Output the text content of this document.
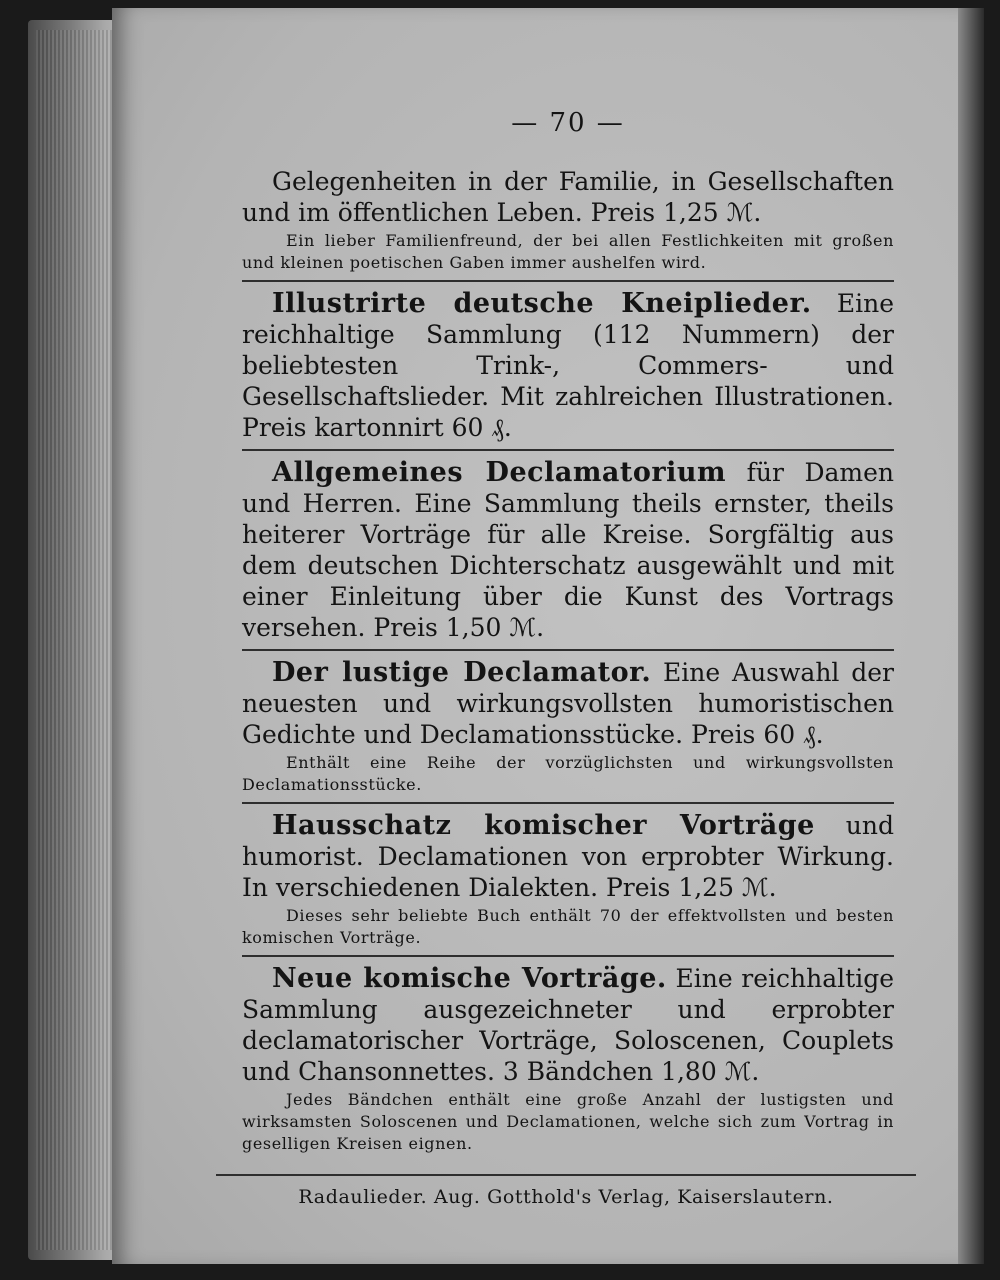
— 70 —
Gelegenheiten in der Familie, in Gesellschaften und im öffentlichen Leben. Preis 1,25 ℳ.
Ein lieber Familienfreund, der bei allen Festlichkeiten mit großen und kleinen poetischen Gaben immer aushelfen wird.
Illustrirte deutsche Kneiplieder. Eine reichhaltige Sammlung (112 Nummern) der beliebtesten Trink-, Commers- und Gesellschaftslieder. Mit zahlreichen Illustrationen. Preis kartonnirt 60 ₰.
Allgemeines Declamatorium für Damen und Herren. Eine Sammlung theils ernster, theils heiterer Vorträge für alle Kreise. Sorgfältig aus dem deutschen Dichterschatz ausgewählt und mit einer Einleitung über die Kunst des Vortrags versehen. Preis 1,50 ℳ.
Der lustige Declamator. Eine Auswahl der neuesten und wirkungsvollsten humoristischen Gedichte und Declamationsstücke. Preis 60 ₰.
Enthält eine Reihe der vorzüglichsten und wirkungsvollsten Declamationsstücke.
Hausschatz komischer Vorträge und humorist. Declamationen von erprobter Wirkung. In verschiedenen Dialekten. Preis 1,25 ℳ.
Dieses sehr beliebte Buch enthält 70 der effektvollsten und besten komischen Vorträge.
Neue komische Vorträge. Eine reichhaltige Sammlung ausgezeichneter und erprobter declamatorischer Vorträge, Soloscenen, Couplets und Chansonnettes. 3 Bändchen 1,80 ℳ.
Jedes Bändchen enthält eine große Anzahl der lustigsten und wirksamsten Soloscenen und Declamationen, welche sich zum Vortrag in geselligen Kreisen eignen.
Radaulieder. Aug. Gotthold's Verlag, Kaiserslautern.
